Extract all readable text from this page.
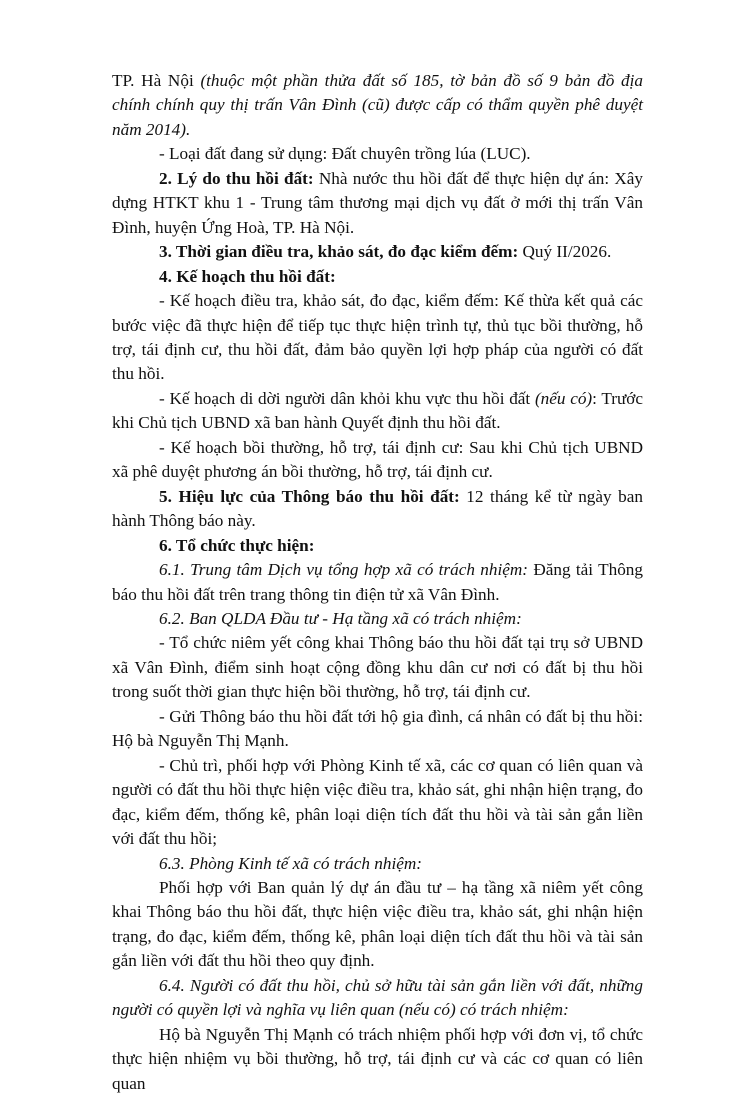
TP. Hà Nội (thuộc một phần thửa đất số 185, tờ bản đồ số 9 bản đồ địa chính chính quy thị trấn Vân Đình (cũ) được cấp có thẩm quyền phê duyệt năm 2014).

- Loại đất đang sử dụng: Đất chuyên trồng lúa (LUC).

2. Lý do thu hồi đất: Nhà nước thu hồi đất để thực hiện dự án: Xây dựng HTKT khu 1 - Trung tâm thương mại dịch vụ đất ở mới thị trấn Vân Đình, huyện Ứng Hoà, TP. Hà Nội.

3. Thời gian điều tra, khảo sát, đo đạc kiểm đếm: Quý II/2026.

4. Kế hoạch thu hồi đất:

- Kế hoạch điều tra, khảo sát, đo đạc, kiểm đếm: Kế thừa kết quả các bước việc đã thực hiện để tiếp tục thực hiện trình tự, thủ tục bồi thường, hỗ trợ, tái định cư, thu hồi đất, đảm bảo quyền lợi hợp pháp của người có đất thu hồi.

- Kế hoạch di dời người dân khỏi khu vực thu hồi đất (nếu có): Trước khi Chủ tịch UBND xã ban hành Quyết định thu hồi đất.

- Kế hoạch bồi thường, hỗ trợ, tái định cư: Sau khi Chủ tịch UBND xã phê duyệt phương án bồi thường, hỗ trợ, tái định cư.

5. Hiệu lực của Thông báo thu hồi đất: 12 tháng kể từ ngày ban hành Thông báo này.

6. Tổ chức thực hiện:

6.1. Trung tâm Dịch vụ tổng hợp xã có trách nhiệm: Đăng tải Thông báo thu hồi đất trên trang thông tin điện tử xã Vân Đình.

6.2. Ban QLDA Đầu tư - Hạ tầng xã có trách nhiệm:

- Tổ chức niêm yết công khai Thông báo thu hồi đất tại trụ sở UBND xã Vân Đình, điểm sinh hoạt cộng đồng khu dân cư nơi có đất bị thu hồi trong suốt thời gian thực hiện bồi thường, hỗ trợ, tái định cư.

- Gửi Thông báo thu hồi đất tới hộ gia đình, cá nhân có đất bị thu hồi: Hộ bà Nguyễn Thị Mạnh.

- Chủ trì, phối hợp với Phòng Kinh tế xã, các cơ quan có liên quan và người có đất thu hồi thực hiện việc điều tra, khảo sát, ghi nhận hiện trạng, đo đạc, kiểm đếm, thống kê, phân loại diện tích đất thu hồi và tài sản gắn liền với đất thu hồi;

6.3. Phòng Kinh tế xã có trách nhiệm:

Phối hợp với Ban quản lý dự án đầu tư – hạ tầng xã niêm yết công khai Thông báo thu hồi đất, thực hiện việc điều tra, khảo sát, ghi nhận hiện trạng, đo đạc, kiểm đếm, thống kê, phân loại diện tích đất thu hồi và tài sản gắn liền với đất thu hồi theo quy định.

6.4. Người có đất thu hồi, chủ sở hữu tài sản gắn liền với đất, những người có quyền lợi và nghĩa vụ liên quan (nếu có) có trách nhiệm:

Hộ bà Nguyễn Thị Mạnh có trách nhiệm phối hợp với đơn vị, tổ chức thực hiện nhiệm vụ bồi thường, hỗ trợ, tái định cư và các cơ quan có liên quan
